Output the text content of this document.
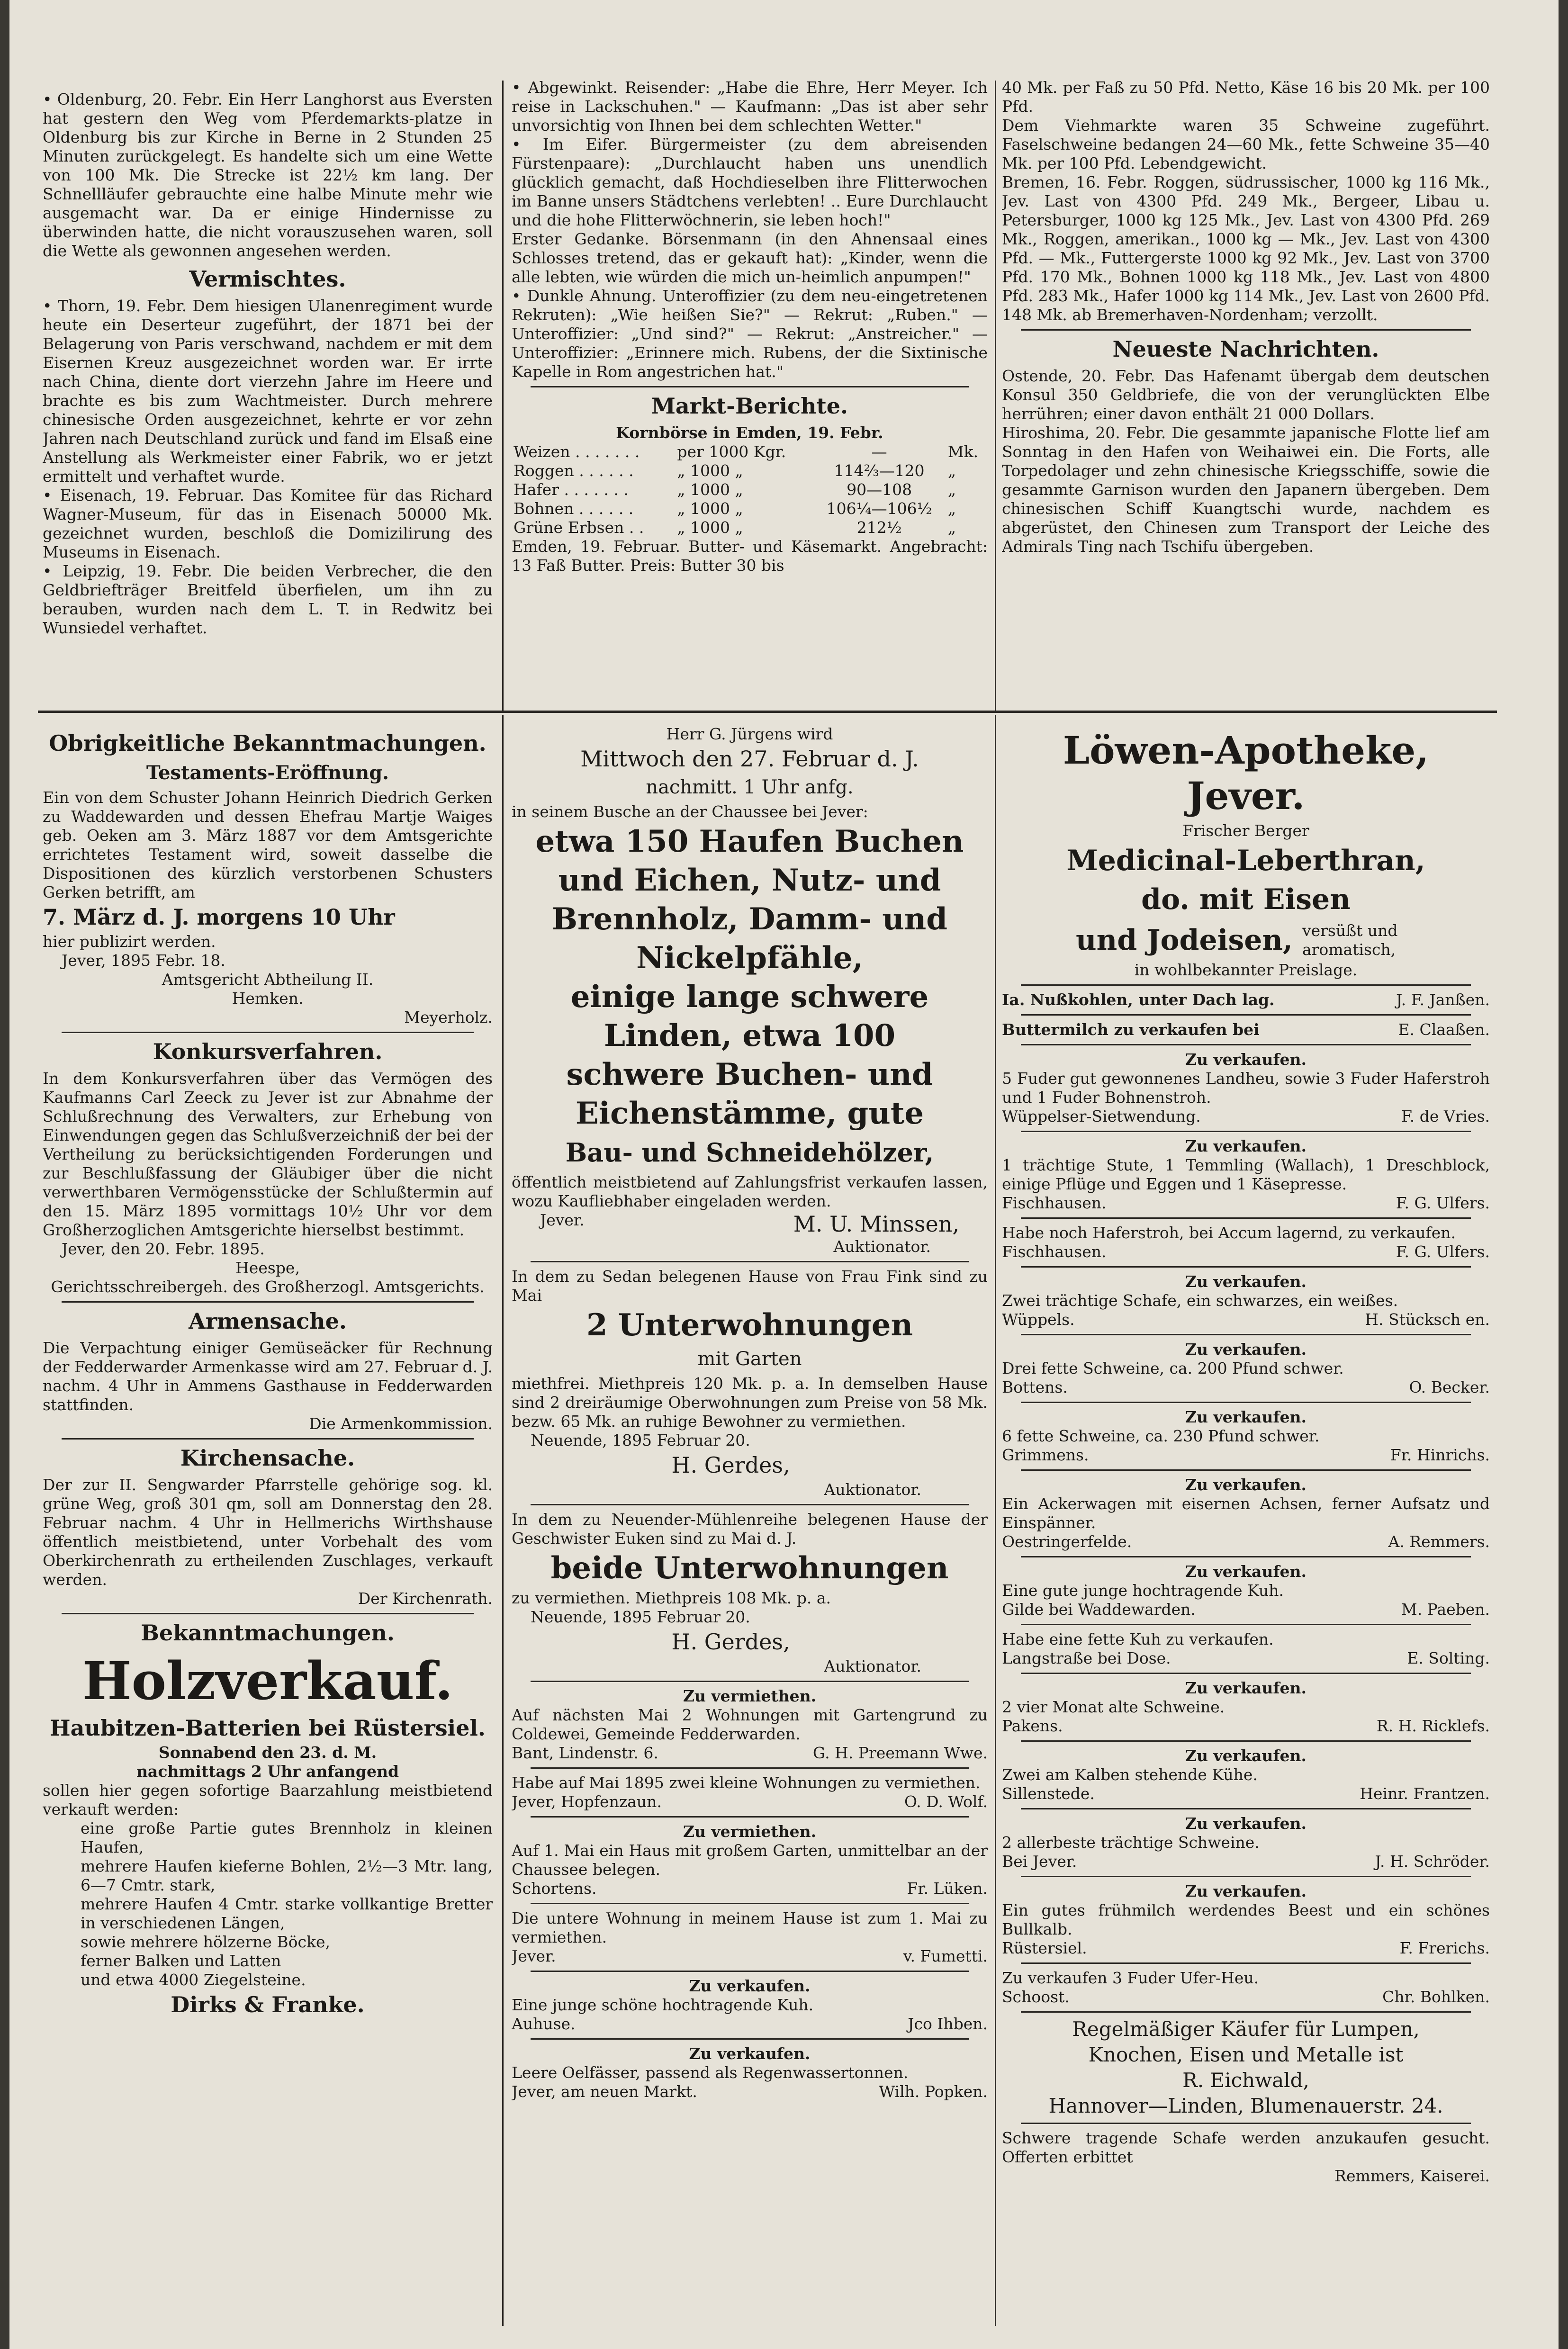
• Oldenburg, 20. Febr. Ein Herr Langhorst aus Eversten hat gestern den Weg vom Pferdemarkts-platze in Oldenburg bis zur Kirche in Berne in 2 Stunden 25 Minuten zurückgelegt. Es handelte sich um eine Wette von 100 Mk. Die Strecke ist 22½ km lang. Der Schnellläufer gebrauchte eine halbe Minute mehr wie ausgemacht war. Da er einige Hindernisse zu überwinden hatte, die nicht vorauszusehen waren, soll die Wette als gewonnen angesehen werden.

Vermischtes.

• Thorn, 19. Febr. Dem hiesigen Ulanenregiment wurde heute ein Deserteur zugeführt, der 1871 bei der Belagerung von Paris verschwand, nachdem er mit dem Eisernen Kreuz ausgezeichnet worden war. Er irrte nach China, diente dort vierzehn Jahre im Heere und brachte es bis zum Wachtmeister. Durch mehrere chinesische Orden ausgezeichnet, kehrte er vor zehn Jahren nach Deutschland zurück und fand im Elsaß eine Anstellung als Werkmeister einer Fabrik, wo er jetzt ermittelt und verhaftet wurde.

• Eisenach, 19. Februar. Das Komitee für das Richard Wagner-Museum, für das in Eisenach 50000 Mk. gezeichnet wurden, beschloß die Domizilirung des Museums in Eisenach.

• Leipzig, 19. Febr. Die beiden Verbrecher, die den Geldbriefträger Breitfeld überfielen, um ihn zu berauben, wurden nach dem L. T. in Redwitz bei Wunsiedel verhaftet.

• Abgewinkt. Reisender: „Habe die Ehre, Herr Meyer. Ich reise in Lackschuhen." — Kaufmann: „Das ist aber sehr unvorsichtig von Ihnen bei dem schlechten Wetter."

• Im Eifer. Bürgermeister (zu dem abreisenden Fürstenpaare): „Durchlaucht haben uns unendlich glücklich gemacht, daß Hochdieselben ihre Flitterwochen im Banne unsers Städtchens verlebten! .. Eure Durchlaucht und die hohe Flitterwöchnerin, sie leben hoch!"

Erster Gedanke. Börsenmann (in den Ahnensaal eines Schlosses tretend, das er gekauft hat): „Kinder, wenn die alle lebten, wie würden die mich un-heimlich anpumpen!"

• Dunkle Ahnung. Unteroffizier (zu dem neu-eingetretenen Rekruten): „Wie heißen Sie?" — Rekrut: „Ruben." — Unteroffizier: „Und sind?" — Rekrut: „Anstreicher." — Unteroffizier: „Erinnere mich. Rubens, der die Sixtinische Kapelle in Rom angestrichen hat."

Markt-Berichte.

Kornbörse in Emden, 19. Febr.

Weizen . . . . . . .	per 1000 Kgr.	—	Mk.
Roggen . . . . . .	„ 1000 „	114⅔—120	„
Hafer . . . . . . .	„ 1000 „	90—108	„
Bohnen . . . . . .	„ 1000 „	106¼—106½	„
Grüne Erbsen . .	„ 1000 „	212½	„

Emden, 19. Februar. Butter- und Käsemarkt. Angebracht: 13 Faß Butter. Preis: Butter 30 bis

40 Mk. per Faß zu 50 Pfd. Netto, Käse 16 bis 20 Mk. per 100 Pfd.

Dem Viehmarkte waren 35 Schweine zugeführt. Faselschweine bedangen 24—60 Mk., fette Schweine 35—40 Mk. per 100 Pfd. Lebendgewicht.

Bremen, 16. Febr. Roggen, südrussischer, 1000 kg 116 Mk., Jev. Last von 4300 Pfd. 249 Mk., Bergeer, Libau u. Petersburger, 1000 kg 125 Mk., Jev. Last von 4300 Pfd. 269 Mk., Roggen, amerikan., 1000 kg — Mk., Jev. Last von 4300 Pfd. — Mk., Futtergerste 1000 kg 92 Mk., Jev. Last von 3700 Pfd. 170 Mk., Bohnen 1000 kg 118 Mk., Jev. Last von 4800 Pfd. 283 Mk., Hafer 1000 kg 114 Mk., Jev. Last von 2600 Pfd. 148 Mk. ab Bremerhaven-Nordenham; verzollt.

Neueste Nachrichten.

Ostende, 20. Febr. Das Hafenamt übergab dem deutschen Konsul 350 Geldbriefe, die von der verunglückten Elbe herrühren; einer davon enthält 21 000 Dollars.

Hiroshima, 20. Febr. Die gesammte japanische Flotte lief am Sonntag in den Hafen von Weihaiwei ein. Die Forts, alle Torpedolager und zehn chinesische Kriegsschiffe, sowie die gesammte Garnison wurden den Japanern übergeben. Dem chinesischen Schiff Kuangtschi wurde, nachdem es abgerüstet, den Chinesen zum Transport der Leiche des Admirals Ting nach Tschifu übergeben.

Obrigkeitliche Bekanntmachungen.

Testaments-Eröffnung.

Ein von dem Schuster Johann Heinrich Diedrich Gerken zu Waddewarden und dessen Ehefrau Martje Waiges geb. Oeken am 3. März 1887 vor dem Amtsgerichte errichtetes Testament wird, soweit dasselbe die Dispositionen des kürzlich verstorbenen Schusters Gerken betrifft, am

7. März d. J. morgens 10 Uhr

hier publizirt werden.

Jever, 1895 Febr. 18.

Amtsgericht Abtheilung II.

Hemken.

Meyerholz.

Konkursverfahren.

In dem Konkursverfahren über das Vermögen des Kaufmanns Carl Zeeck zu Jever ist zur Abnahme der Schlußrechnung des Verwalters, zur Erhebung von Einwendungen gegen das Schlußverzeichniß der bei der Vertheilung zu berücksichtigenden Forderungen und zur Beschlußfassung der Gläubiger über die nicht verwerthbaren Vermögensstücke der Schlußtermin auf den 15. März 1895 vormittags 10½ Uhr vor dem Großherzoglichen Amtsgerichte hierselbst bestimmt.

Jever, den 20. Febr. 1895.

Heespe,

Gerichtsschreibergeh. des Großherzogl. Amtsgerichts.

Armensache.

Die Verpachtung einiger Gemüseäcker für Rechnung der Fedderwarder Armenkasse wird am 27. Februar d. J. nachm. 4 Uhr in Ammens Gasthause in Fedderwarden stattfinden.

Die Armenkommission.

Kirchensache.

Der zur II. Sengwarder Pfarrstelle gehörige sog. kl. grüne Weg, groß 301 qm, soll am Donnerstag den 28. Februar nachm. 4 Uhr in Hellmerichs Wirthshause öffentlich meistbietend, unter Vorbehalt des vom Oberkirchenrath zu ertheilenden Zuschlages, verkauft werden.

Der Kirchenrath.

Bekanntmachungen.

Holzverkauf.

Haubitzen-Batterien bei Rüstersiel.

Sonnabend den 23. d. M.

nachmittags 2 Uhr anfangend

sollen hier gegen sofortige Baarzahlung meistbietend verkauft werden:

eine große Partie gutes Brennholz in kleinen Haufen,

mehrere Haufen kieferne Bohlen, 2½—3 Mtr. lang, 6—7 Cmtr. stark,

mehrere Haufen 4 Cmtr. starke vollkantige Bretter in verschiedenen Längen,

sowie mehrere hölzerne Böcke,

ferner Balken und Latten

und etwa 4000 Ziegelsteine.

Dirks & Franke.

Herr G. Jürgens wird

Mittwoch den 27. Februar d. J.

nachmitt. 1 Uhr anfg.

in seinem Busche an der Chaussee bei Jever:

etwa 150 Haufen Buchen

und Eichen, Nutz- und

Brennholz, Damm- und

Nickelpfähle,

einige lange schwere

Linden, etwa 100

schwere Buchen- und

Eichenstämme, gute

Bau- und Schneidehölzer,

öffentlich meistbietend auf Zahlungsfrist verkaufen lassen, wozu Kaufliebhaber eingeladen werden.

Jever.	M. U. Minssen,

Auktionator.

In dem zu Sedan belegenen Hause von Frau Fink sind zu Mai

2 Unterwohnungen

mit Garten

miethfrei. Miethpreis 120 Mk. p. a. In demselben Hause sind 2 dreiräumige Oberwohnungen zum Preise von 58 Mk. bezw. 65 Mk. an ruhige Bewohner zu vermiethen.

Neuende, 1895 Februar 20.

H. Gerdes,

Auktionator.

In dem zu Neuender-Mühlenreihe belegenen Hause der Geschwister Euken sind zu Mai d. J.

beide Unterwohnungen

zu vermiethen. Miethpreis 108 Mk. p. a.

Neuende, 1895 Februar 20.

H. Gerdes,

Auktionator.

Zu vermiethen.

Auf nächsten Mai 2 Wohnungen mit Gartengrund zu Coldewei, Gemeinde Fedderwarden.

Bant, Lindenstr. 6.	G. H. Preemann Wwe.

Habe auf Mai 1895 zwei kleine Wohnungen zu vermiethen.

Jever, Hopfenzaun.	O. D. Wolf.

Zu vermiethen.

Auf 1. Mai ein Haus mit großem Garten, unmittelbar an der Chaussee belegen.

Schortens.	Fr. Lüken.

Die untere Wohnung in meinem Hause ist zum 1. Mai zu vermiethen.

Jever.	v. Fumetti.

Zu verkaufen.

Eine junge schöne hochtragende Kuh.

Auhuse.	Jco Ihben.

Zu verkaufen.

Leere Oelfässer, passend als Regenwassertonnen.

Jever, am neuen Markt.	Wilh. Popken.

Löwen-Apotheke, Jever.

Frischer Berger

Medicinal-Leberthran,

do. mit Eisen

und Jodeisen, versüßt und aromatisch,

in wohlbekannter Preislage.

Ia. Nußkohlen, unter Dach lag.	J. F. Janßen.
Buttermilch zu verkaufen bei	E. Claaßen.

Zu verkaufen.

5 Fuder gut gewonnenes Landheu, sowie 3 Fuder Haferstroh und 1 Fuder Bohnenstroh.

Wüppelser-Sietwendung.	F. de Vries.

Zu verkaufen.

1 trächtige Stute, 1 Temmling (Wallach), 1 Dreschblock, einige Pflüge und Eggen und 1 Käsepresse.

Fischhausen.	F. G. Ulfers.

Habe noch Haferstroh, bei Accum lagernd, zu verkaufen.

Fischhausen.	F. G. Ulfers.

Zu verkaufen.

Zwei trächtige Schafe, ein schwarzes, ein weißes.

Wüppels.	H. Stücksch en.

Zu verkaufen.

Drei fette Schweine, ca. 200 Pfund schwer.

Bottens.	O. Becker.

Zu verkaufen.

6 fette Schweine, ca. 230 Pfund schwer.

Grimmens.	Fr. Hinrichs.

Zu verkaufen.

Ein Ackerwagen mit eisernen Achsen, ferner Aufsatz und Einspänner.

Oestringerfelde.	A. Remmers.

Zu verkaufen.

Eine gute junge hochtragende Kuh.

Gilde bei Waddewarden.	M. Paeben.

Habe eine fette Kuh zu verkaufen.

Langstraße bei Dose.	E. Solting.

Zu verkaufen.

2 vier Monat alte Schweine.

Pakens.	R. H. Ricklefs.

Zu verkaufen.

Zwei am Kalben stehende Kühe.

Sillenstede.	Heinr. Frantzen.

Zu verkaufen.

2 allerbeste trächtige Schweine.

Bei Jever.	J. H. Schröder.

Zu verkaufen.

Ein gutes frühmilch werdendes Beest und ein schönes Bullkalb.

Rüstersiel.	F. Frerichs.

Zu verkaufen 3 Fuder Ufer-Heu.

Schoost.	Chr. Bohlken.

Regelmäßiger Käufer für Lumpen,

Knochen, Eisen und Metalle ist

R. Eichwald,

Hannover—Linden, Blumenauerstr. 24.

Schwere tragende Schafe werden anzukaufen gesucht. Offerten erbittet

Remmers, Kaiserei.
